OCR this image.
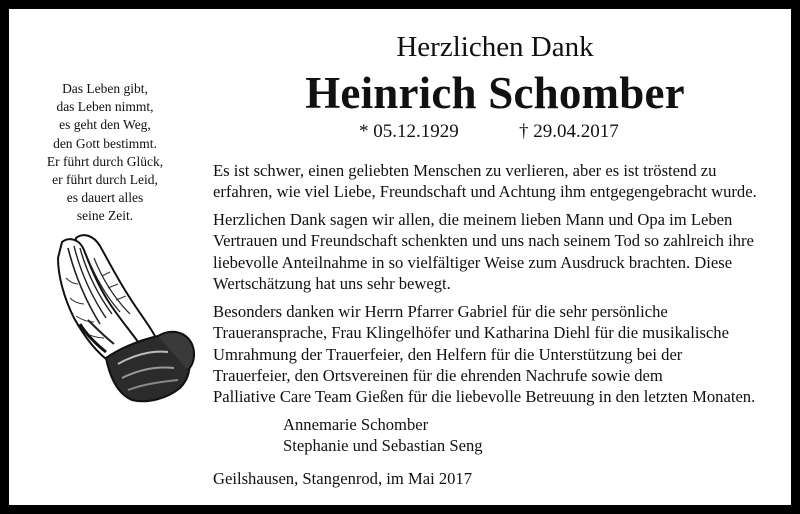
Das Leben gibt,
das Leben nimmt,
es geht den Weg,
den Gott bestimmt.
Er führt durch Glück,
er führt durch Leid,
es dauert alles
seine Zeit.
Herzlichen Dank
Heinrich Schomber
* 05.12.1929	† 29.04.2017
Es ist schwer, einen geliebten Menschen zu verlieren, aber es ist tröstend zu
erfahren, wie viel Liebe, Freundschaft und Achtung ihm entgegengebracht wurde.
Herzlichen Dank sagen wir allen, die meinem lieben Mann und Opa im Leben
Vertrauen und Freundschaft schenkten und uns nach seinem Tod so zahlreich ihre
liebevolle Anteilnahme in so vielfältiger Weise zum Ausdruck brachten. Diese
Wertschätzung hat uns sehr bewegt.
Besonders danken wir Herrn Pfarrer Gabriel für die sehr persönliche
Traueransprache, Frau Klingelhöfer und Katharina Diehl für die musikalische
Umrahmung der Trauerfeier, den Helfern für die Unterstützung bei der
Trauerfeier, den Ortsvereinen für die ehrenden Nachrufe sowie dem
Palliative Care Team Gießen für die liebevolle Betreuung in den letzten Monaten.
Annemarie Schomber
Stephanie und Sebastian Seng
Geilshausen, Stangenrod, im Mai 2017
